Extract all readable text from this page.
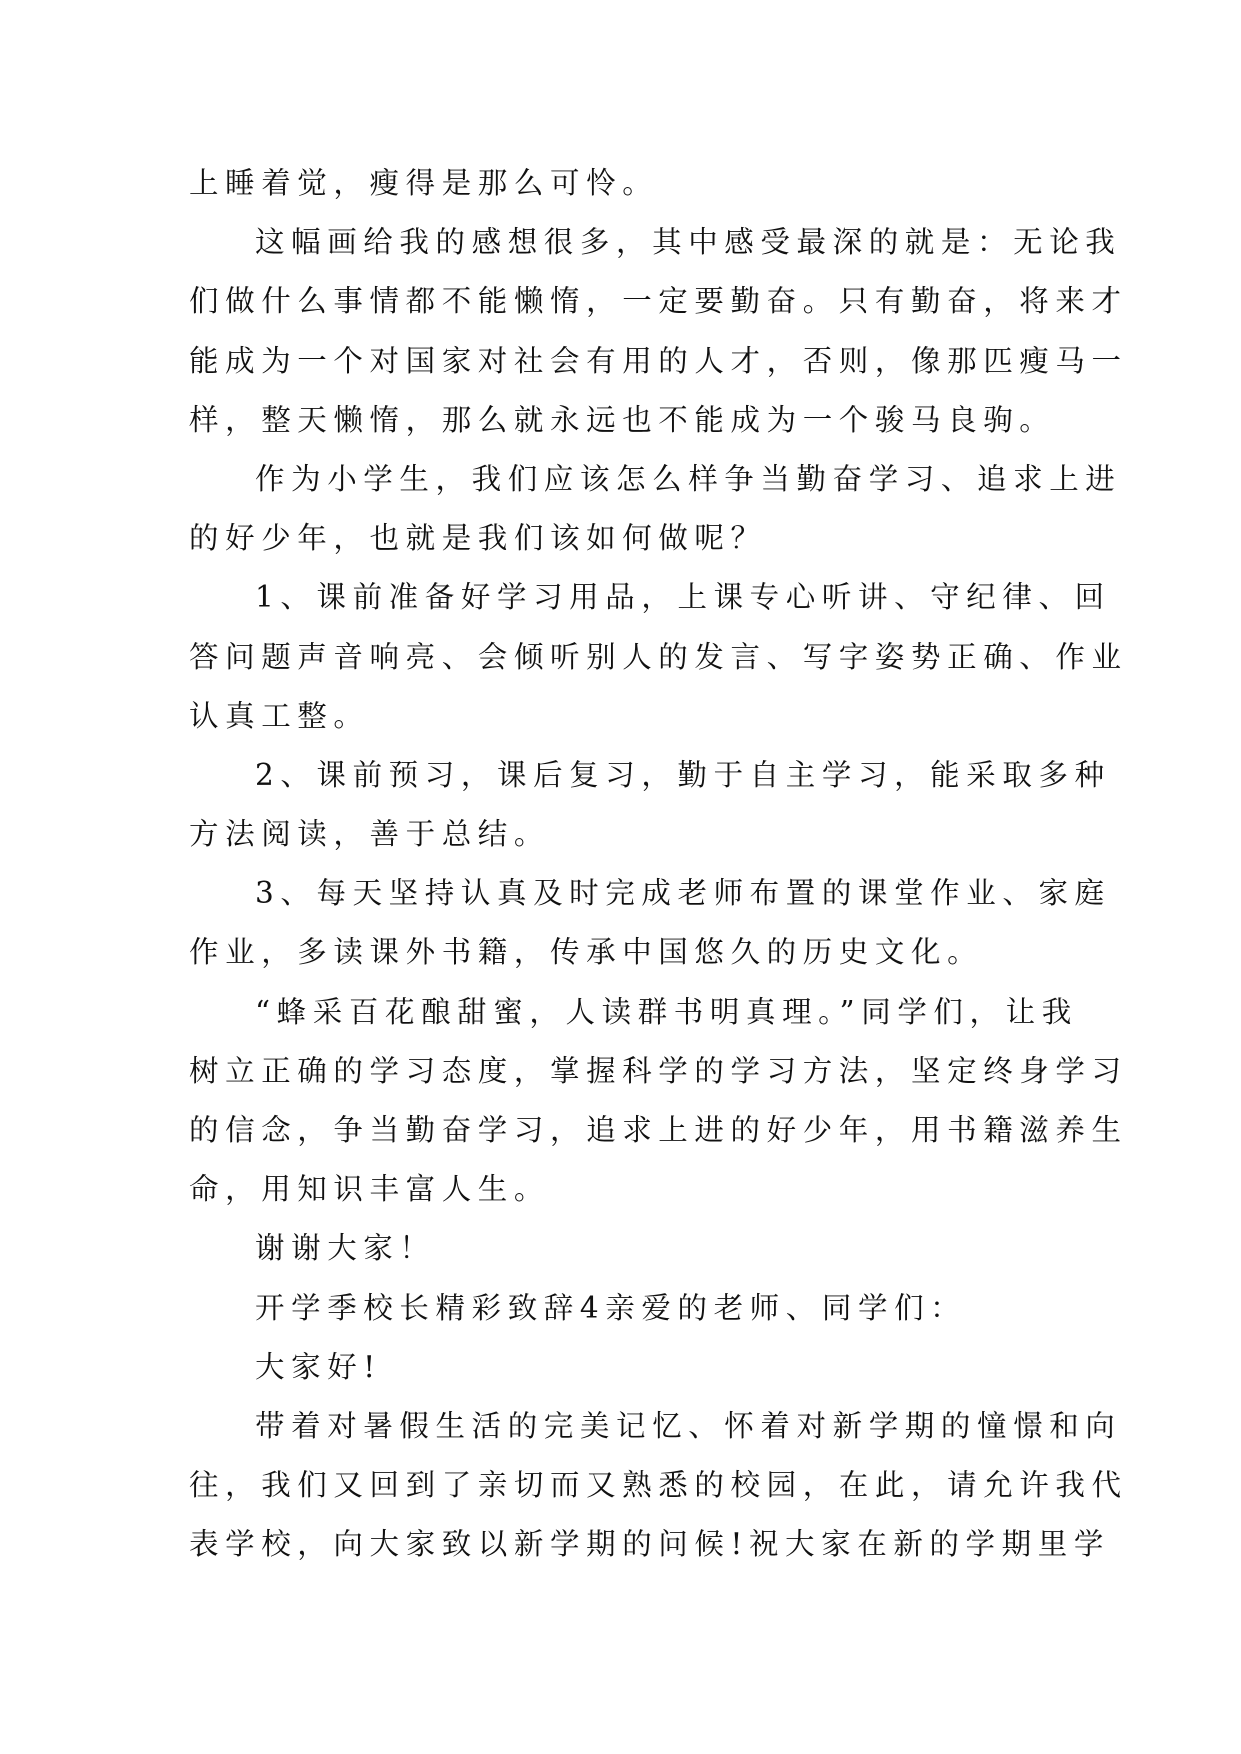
上睡着觉，瘦得是那么可怜。
这幅画给我的感想很多，其中感受最深的就是：无论我
们做什么事情都不能懒惰，一定要勤奋。只有勤奋，将来才
能成为一个对国家对社会有用的人才，否则，像那匹瘦马一
样，整天懒惰，那么就永远也不能成为一个骏马良驹。
作为小学生，我们应该怎么样争当勤奋学习、追求上进
的好少年，也就是我们该如何做呢？
1、课前准备好学习用品，上课专心听讲、守纪律、回
答问题声音响亮、会倾听别人的发言、写字姿势正确、作业
认真工整。
2、课前预习，课后复习，勤于自主学习，能采取多种
方法阅读，善于总结。
3、每天坚持认真及时完成老师布置的课堂作业、家庭
作业，多读课外书籍，传承中国悠久的历史文化。
“蜂采百花酿甜蜜，人读群书明真理。”同学们，让我
树立正确的学习态度，掌握科学的学习方法，坚定终身学习
的信念，争当勤奋学习，追求上进的好少年，用书籍滋养生
命，用知识丰富人生。
谢谢大家！
开学季校长精彩致辞4亲爱的老师、同学们：
大家好!
带着对暑假生活的完美记忆、怀着对新学期的憧憬和向
往，我们又回到了亲切而又熟悉的校园，在此，请允许我代
表学校，向大家致以新学期的问候!祝大家在新的学期里学
